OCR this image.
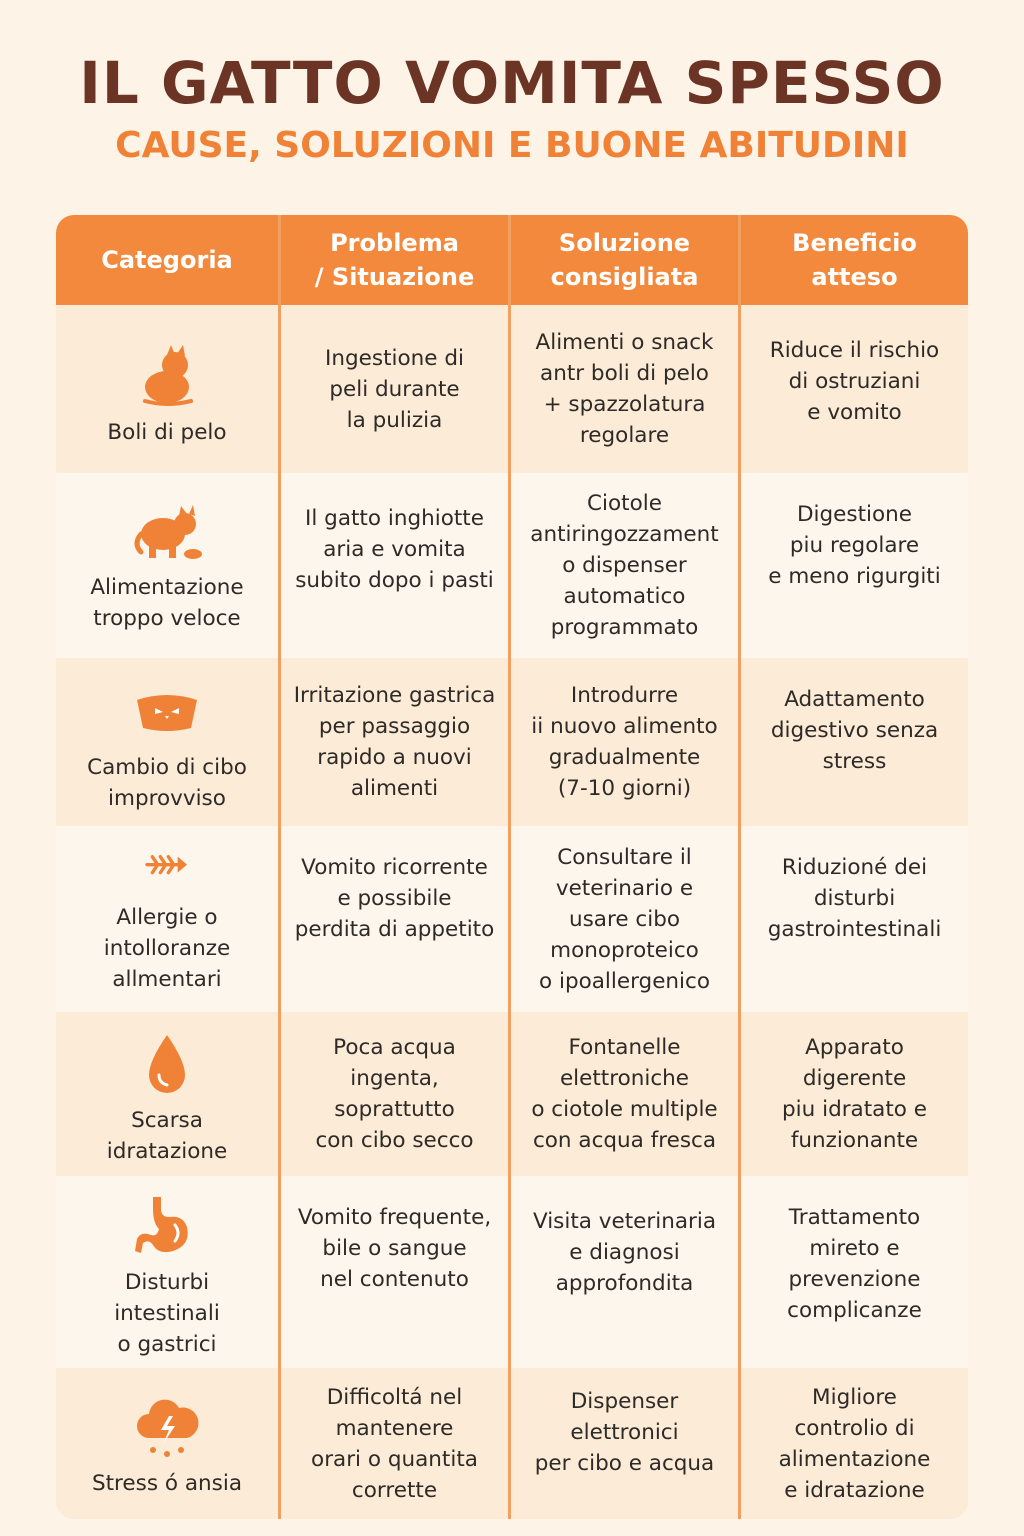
IL GATTO VOMITA SPESSO
CAUSE, SOLUZIONI E BUONE ABITUDINI
Categoria
Problema
/ Situazione
Soluzione
consigliata
Beneficio
atteso
Boli di pelo
Ingestione di
peli durante
la pulizia
Alimenti o snack
antr boli di pelo
+ spazzolatura
regolare
Riduce il rischio
di ostruziani
e vomito
Alimentazione
troppo veloce
Il gatto inghiotte
aria e vomita
subito dopo i pasti
Ciotole
antiringozzament
o dispenser
automatico
programmato
Digestione
piu regolare
e meno rigurgiti
Cambio di cibo
improvviso
Irritazione gastrica
per passaggio
rapido a nuovi
alimenti
Introdurre
ii nuovo alimento
gradualmente
(7-10 giorni)
Adattamento
digestivo senza
stress
Allergie o
intolloranze
allmentari
Vomito ricorrente
e possibile
perdita di appetito
Consultare il
veterinario e
usare cibo
monoproteico
o ipoallergenico
Riduzioné dei
disturbi
gastrointestinali
Scarsa
idratazione
Poca acqua
ingenta,
soprattutto
con cibo secco
Fontanelle
elettroniche
o ciotole multiple
con acqua fresca
Apparato
digerente
piu idratato e
funzionante
Disturbi
intestinali
o gastrici
Vomito frequente,
bile o sangue
nel contenuto
Visita veterinaria
e diagnosi
approfondita
Trattamento
mireto e
prevenzione
complicanze
Stress ó ansia
Difficoltá nel
mantenere
orari o quantita
corrette
Dispenser
elettronici
per cibo e acqua
Migliore
controlio di
alimentazione
e idratazione
